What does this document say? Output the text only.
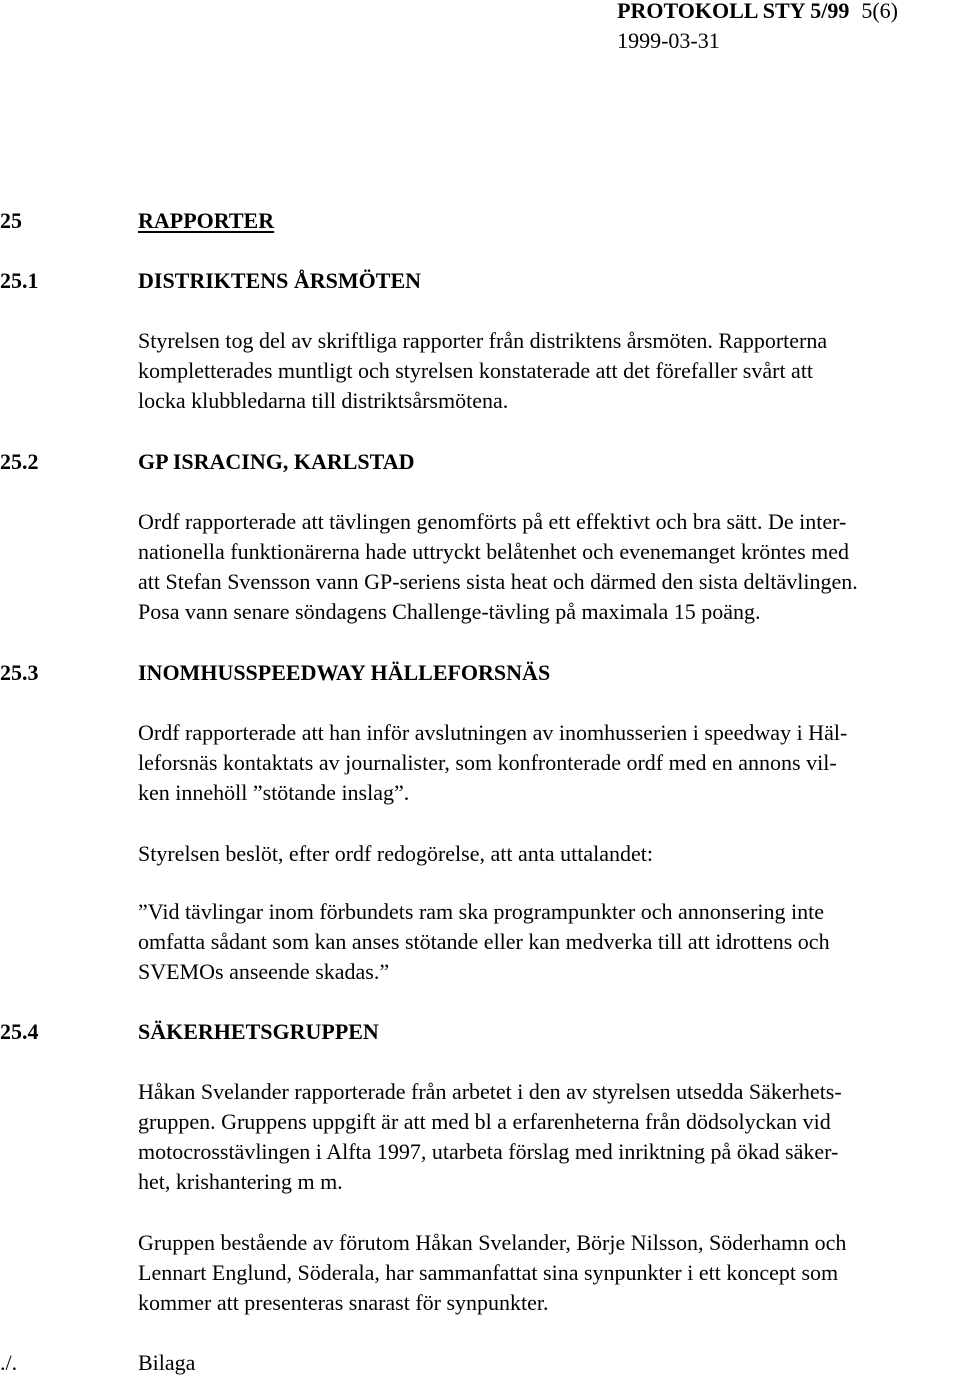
PROTOKOLL STY 5/99 5(6)
1999-03-31
25	RAPPORTER
25.1	DISTRIKTENS ÅRSMÖTEN
Styrelsen tog del av skriftliga rapporter från distriktens årsmöten. Rapporterna
kompletterades muntligt och styrelsen konstaterade att det förefaller svårt att
locka klubbledarna till distriktsårsmötena.
25.2	GP ISRACING, KARLSTAD
Ordf rapporterade att tävlingen genomförts på ett effektivt och bra sätt. De inter-
nationella funktionärerna hade uttryckt belåtenhet och evenemanget kröntes med
att Stefan Svensson vann GP-seriens sista heat och därmed den sista deltävlingen.
Posa vann senare söndagens Challenge-tävling på maximala 15 poäng.
25.3	INOMHUSSPEEDWAY HÄLLEFORSNÄS
Ordf rapporterade att han inför avslutningen av inomhusserien i speedway i Häl-
leforsnäs kontaktats av journalister, som konfronterade ordf med en annons vil-
ken innehöll ”stötande inslag”.
Styrelsen beslöt, efter ordf redogörelse, att anta uttalandet:
”Vid tävlingar inom förbundets ram ska programpunkter och annonsering inte
omfatta sådant som kan anses stötande eller kan medverka till att idrottens och
SVEMOs anseende skadas.”
25.4	SÄKERHETSGRUPPEN
Håkan Svelander rapporterade från arbetet i den av styrelsen utsedda Säkerhets-
gruppen. Gruppens uppgift är att med bl a erfarenheterna från dödsolyckan vid
motocrosstävlingen i Alfta 1997, utarbeta förslag med inriktning på ökad säker-
het, krishantering m m.
Gruppen bestående av förutom Håkan Svelander, Börje Nilsson, Söderhamn och
Lennart Englund, Söderala, har sammanfattat sina synpunkter i ett koncept som
kommer att presenteras snarast för synpunkter.
./.	Bilaga
